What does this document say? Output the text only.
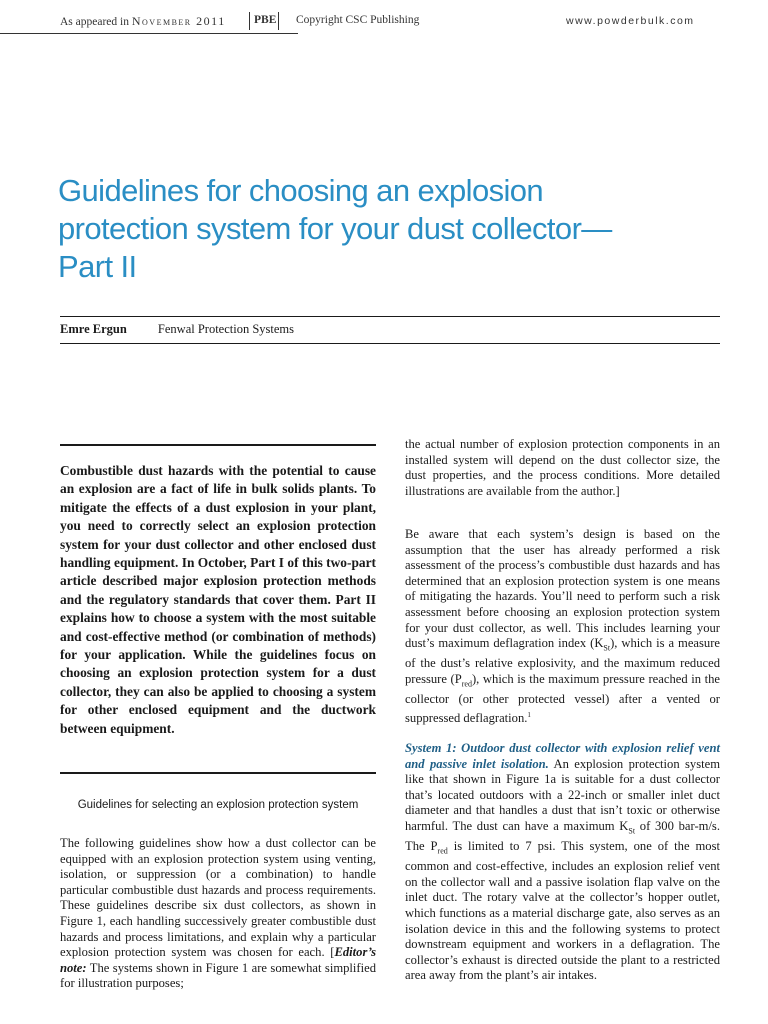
As appeared in November 2011 PBE Copyright CSC Publishing	www.powderbulk.com
Guidelines for choosing an explosion protection system for your dust collector—Part II
Emre Ergun Fenwal Protection Systems

Combustible dust hazards with the potential to cause an explosion are a fact of life in bulk solids plants. To mitigate the effects of a dust explosion in your plant, you need to correctly select an explosion protection system for your dust collector and other enclosed dust handling equipment. In October, Part I of this two-part article described major explosion protection methods and the regulatory standards that cover them. Part II explains how to choose a system with the most suitable and cost-effective method (or combination of methods) for your application. While the guidelines focus on choosing an explosion protection system for a dust collector, they can also be applied to choosing a system for other enclosed equipment and the ductwork between equipment.

Guidelines for selecting an explosion protection system

The following guidelines show how a dust collector can be equipped with an explosion protection system using venting, isolation, or suppression (or a combination) to handle particular combustible dust hazards and process requirements. These guidelines describe six dust collectors, as shown in Figure 1, each handling successively greater combustible dust hazards and process limitations, and explain why a particular explosion protection system was chosen for each. [Editor’s note: The systems shown in Figure 1 are somewhat simplified for illustration purposes;

the actual number of explosion protection components in an installed system will depend on the dust collector size, the dust properties, and the process conditions. More detailed illustrations are available from the author.]

Be aware that each system’s design is based on the assumption that the user has already performed a risk assessment of the process’s combustible dust hazards and has determined that an explosion protection system is one means of mitigating the hazards. You’ll need to perform such a risk assessment before choosing an explosion protection system for your dust collector, as well. This includes learning your dust’s maximum deflagration index $(K_{St})$, which is a measure of the dust’s relative explosivity, and the maximum reduced pressure $(P_{red})$, which is the maximum pressure reached in the collector (or other protected vessel) after a vented or suppressed deflagration.$^1$

System 1: Outdoor dust collector with explosion relief vent and passive inlet isolation. An explosion protection system like that shown in Figure 1a is suitable for a dust collector that’s located outdoors with a 22-inch or smaller inlet duct diameter and that handles a dust that isn’t toxic or otherwise harmful. The dust can have a maximum $K_{St}$ of 300 bar-m/s. The $P_{red}$ is limited to 7 psi. This system, one of the most common and cost-effective, includes an explosion relief vent on the collector wall and a passive isolation flap valve on the inlet duct. The rotary valve at the collector’s hopper outlet, which functions as a material discharge gate, also serves as an isolation device in this and the following systems to protect downstream equipment and workers in a deflagration. The collector’s exhaust is directed outside the plant to a restricted area away from the plant’s air intakes.
